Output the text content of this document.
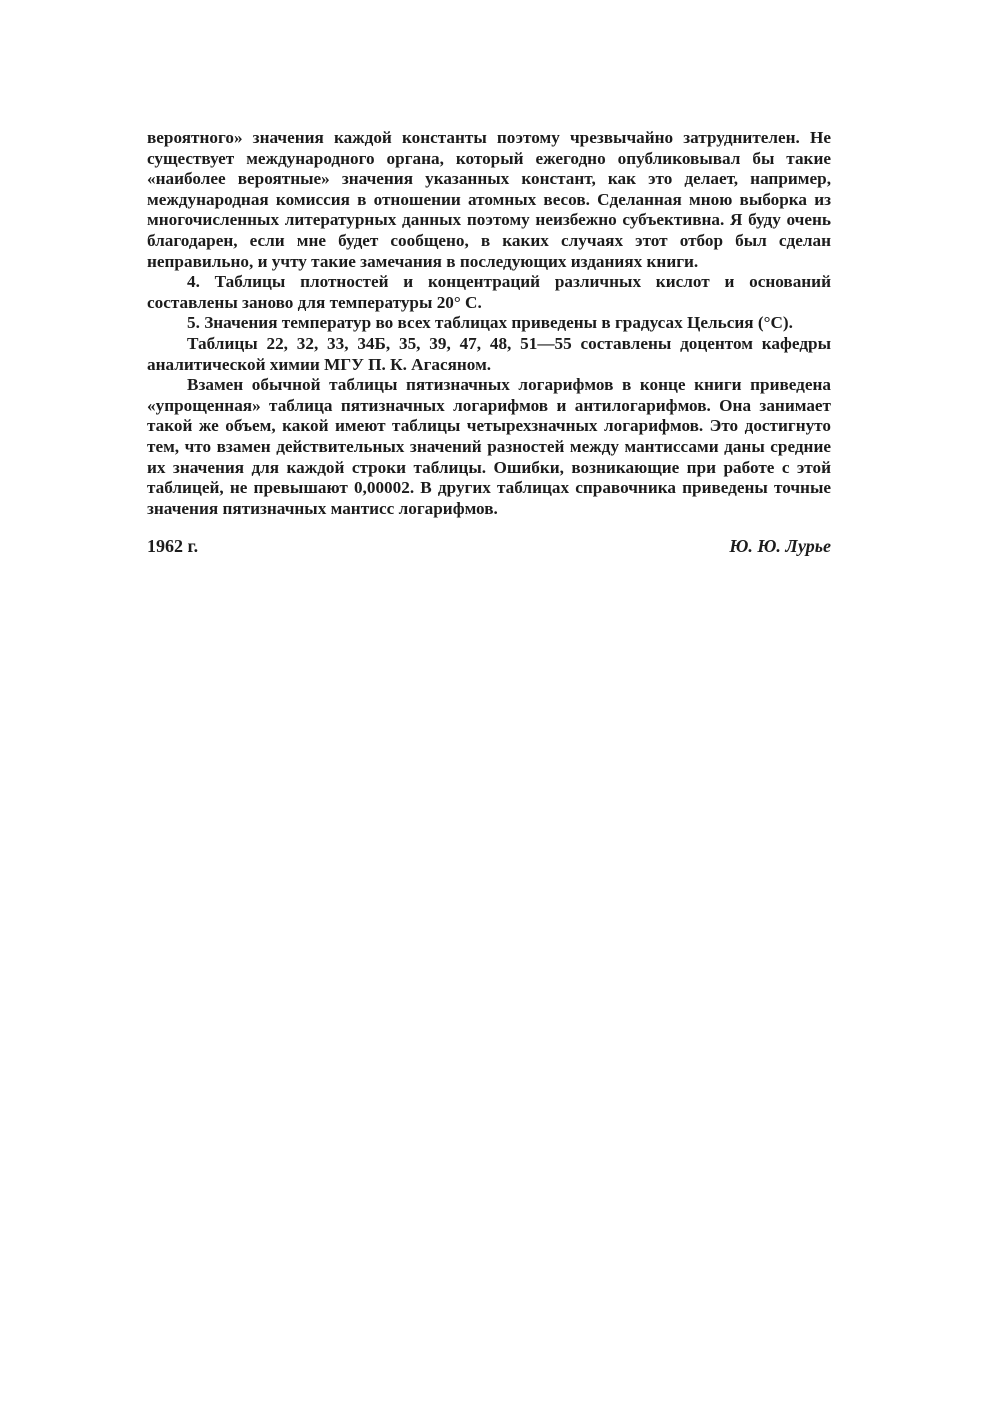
вероятного» значения каждой константы поэтому чрезвычайно затруднителен. Не существует международного органа, который ежегодно опубликовывал бы такие «наиболее вероятные» значения указанных констант, как это делает, например, международная комиссия в отношении атомных весов. Сделанная мною выборка из многочисленных литературных данных поэтому неизбежно субъективна. Я буду очень благодарен, если мне будет сообщено, в каких случаях этот отбор был сделан неправильно, и учту такие замечания в последующих изданиях книги.

4. Таблицы плотностей и концентраций различных кислот и оснований составлены заново для температуры 20° С.

5. Значения температур во всех таблицах приведены в градусах Цельсия (°С).

Таблицы 22, 32, 33, 34Б, 35, 39, 47, 48, 51—55 составлены доцентом кафедры аналитической химии МГУ П. К. Агасяном.

Взамен обычной таблицы пятизначных логарифмов в конце книги приведена «упрощенная» таблица пятизначных логарифмов и антилогарифмов. Она занимает такой же объем, какой имеют таблицы четырехзначных логарифмов. Это достигнуто тем, что взамен действительных значений разностей между мантиссами даны средние их значения для каждой строки таблицы. Ошибки, возникающие при работе с этой таблицей, не превышают 0,00002. В других таблицах справочника приведены точные значения пятизначных мантисс логарифмов.

1962 г.	Ю. Ю. Лурье
